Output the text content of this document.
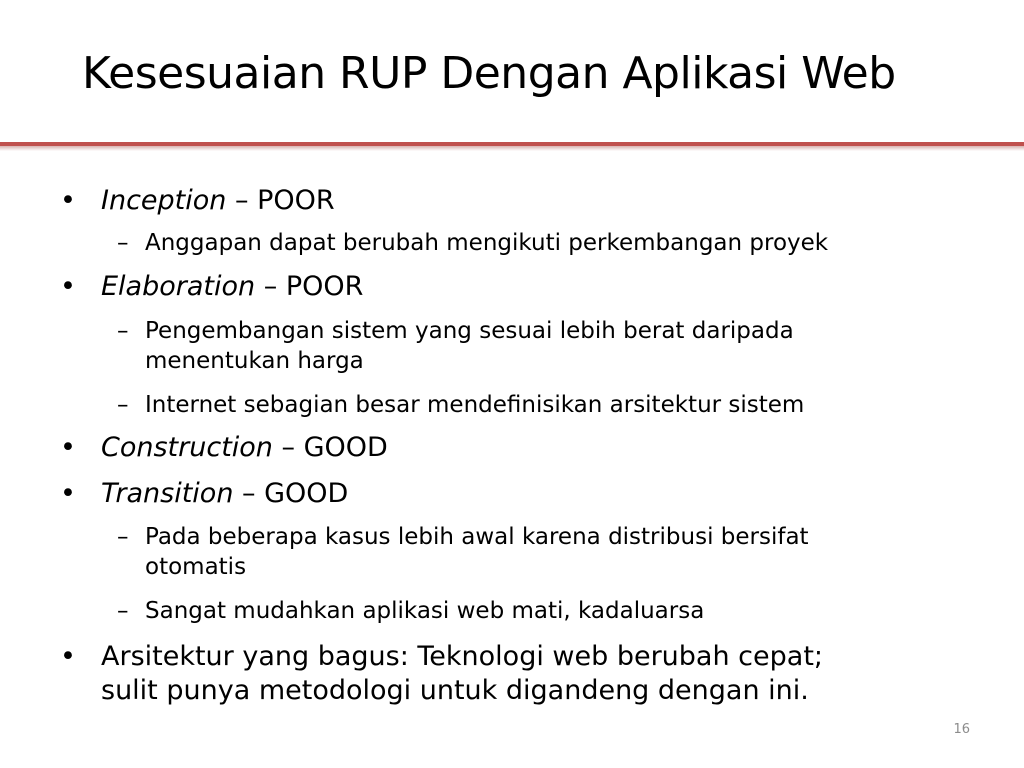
Kesesuaian RUP Dengan Aplikasi Web
• Inception – POOR
– Anggapan dapat berubah mengikuti perkembangan proyek
• Elaboration – POOR
– Pengembangan sistem yang sesuai lebih berat daripada
menentukan harga
– Internet sebagian besar mendefinisikan arsitektur sistem
• Construction – GOOD
• Transition – GOOD
– Pada beberapa kasus lebih awal karena distribusi bersifat
otomatis
– Sangat mudahkan aplikasi web mati, kadaluarsa
• Arsitektur yang bagus: Teknologi web berubah cepat;
sulit punya metodologi untuk digandeng dengan ini.
16
